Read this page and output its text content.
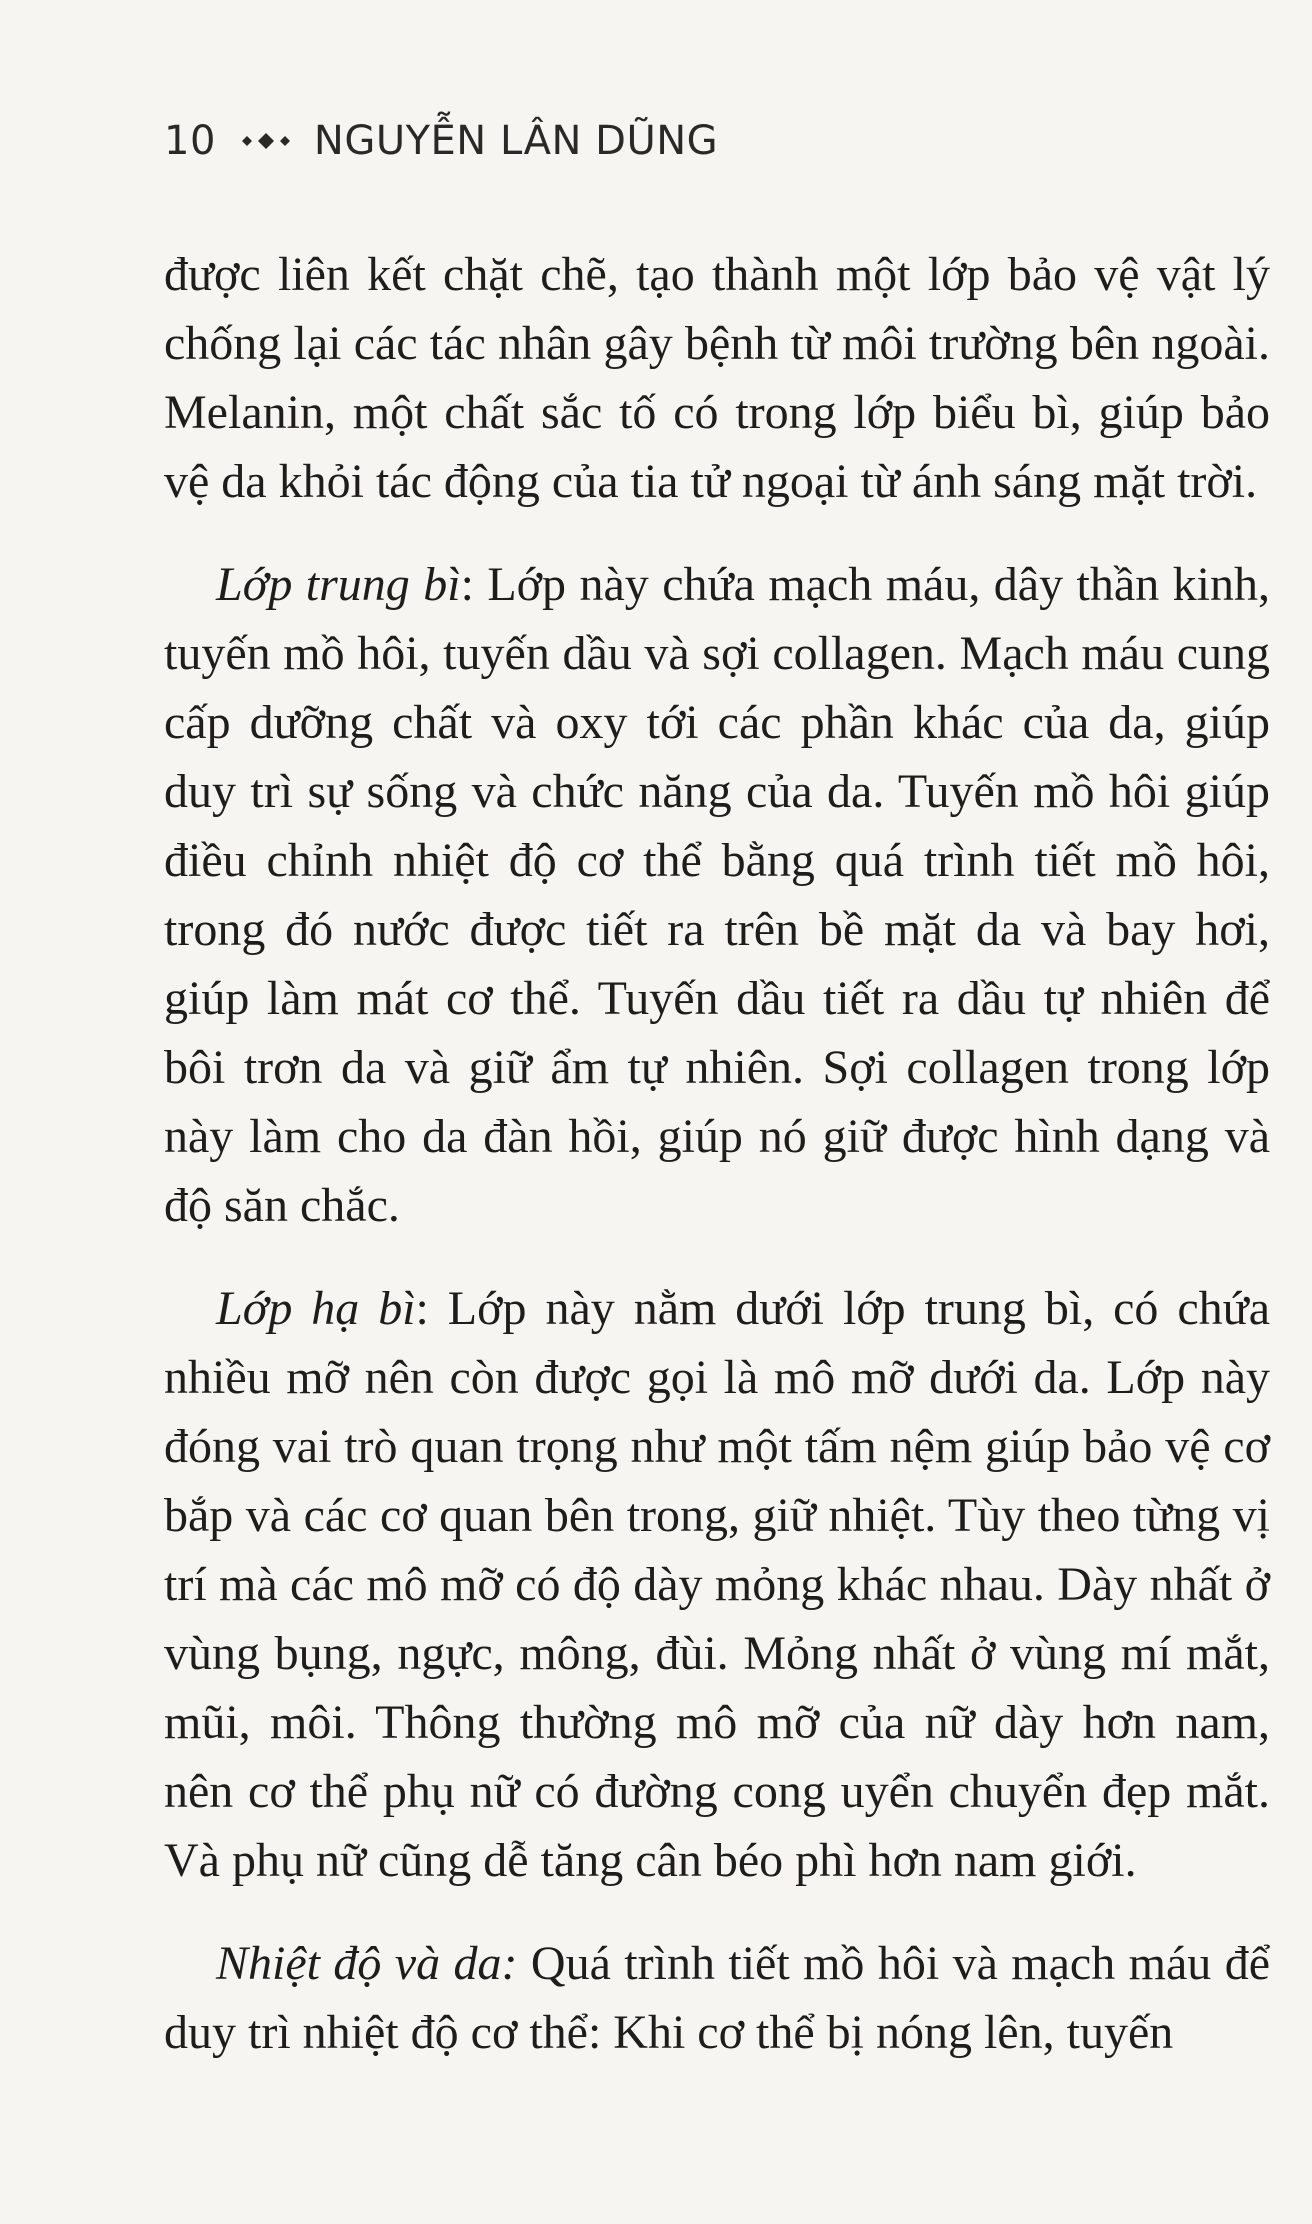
10 NGUYỄN LÂN DŨNG

được liên kết chặt chẽ, tạo thành một lớp bảo vệ vật lý chống lại các tác nhân gây bệnh từ môi trường bên ngoài. Melanin, một chất sắc tố có trong lớp biểu bì, giúp bảo vệ da khỏi tác động của tia tử ngoại từ ánh sáng mặt trời.

Lớp trung bì: Lớp này chứa mạch máu, dây thần kinh, tuyến mồ hôi, tuyến dầu và sợi collagen. Mạch máu cung cấp dưỡng chất và oxy tới các phần khác của da, giúp duy trì sự sống và chức năng của da. Tuyến mồ hôi giúp điều chỉnh nhiệt độ cơ thể bằng quá trình tiết mồ hôi, trong đó nước được tiết ra trên bề mặt da và bay hơi, giúp làm mát cơ thể. Tuyến dầu tiết ra dầu tự nhiên để bôi trơn da và giữ ẩm tự nhiên. Sợi collagen trong lớp này làm cho da đàn hồi, giúp nó giữ được hình dạng và độ săn chắc.

Lớp hạ bì: Lớp này nằm dưới lớp trung bì, có chứa nhiều mỡ nên còn được gọi là mô mỡ dưới da. Lớp này đóng vai trò quan trọng như một tấm nệm giúp bảo vệ cơ bắp và các cơ quan bên trong, giữ nhiệt. Tùy theo từng vị trí mà các mô mỡ có độ dày mỏng khác nhau. Dày nhất ở vùng bụng, ngực, mông, đùi. Mỏng nhất ở vùng mí mắt, mũi, môi. Thông thường mô mỡ của nữ dày hơn nam, nên cơ thể phụ nữ có đường cong uyển chuyển đẹp mắt. Và phụ nữ cũng dễ tăng cân béo phì hơn nam giới.

Nhiệt độ và da: Quá trình tiết mồ hôi và mạch máu để duy trì nhiệt độ cơ thể: Khi cơ thể bị nóng lên, tuyến
